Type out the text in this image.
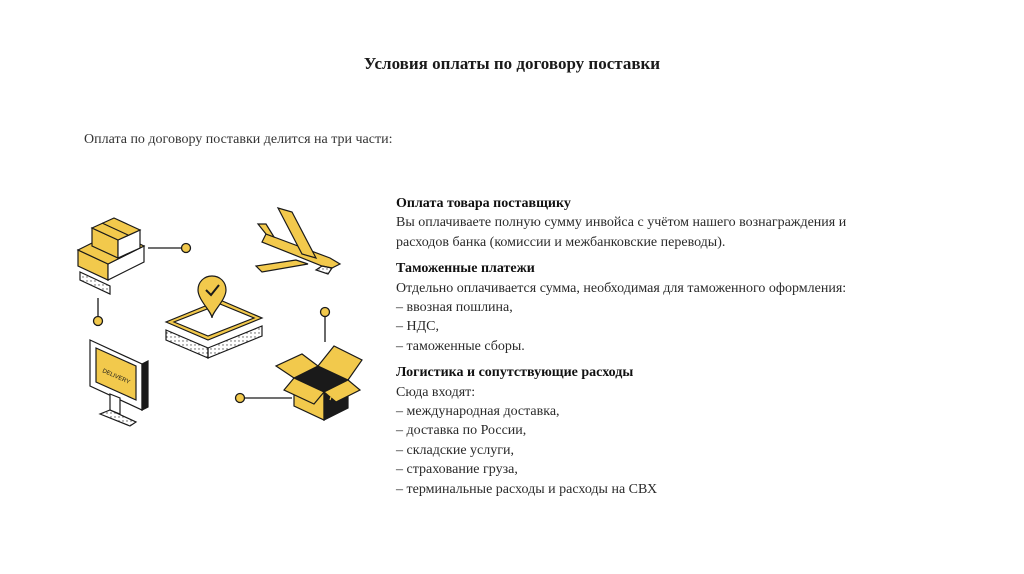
Условия оплаты по договору поставки
Оплата по договору поставки делится на три части:
DELIVERY
Оплата товара поставщику
Вы оплачиваете полную сумму инвойса с учётом нашего вознаграждения и
расходов банка (комиссии и межбанковские переводы).
Таможенные платежи
Отдельно оплачивается сумма, необходимая для таможенного оформления:
– ввозная пошлина,
– НДС,
– таможенные сборы.
Логистика и сопутствующие расходы
Сюда входят:
– международная доставка,
– доставка по России,
– складские услуги,
– страхование груза,
– терминальные расходы и расходы на СВХ
